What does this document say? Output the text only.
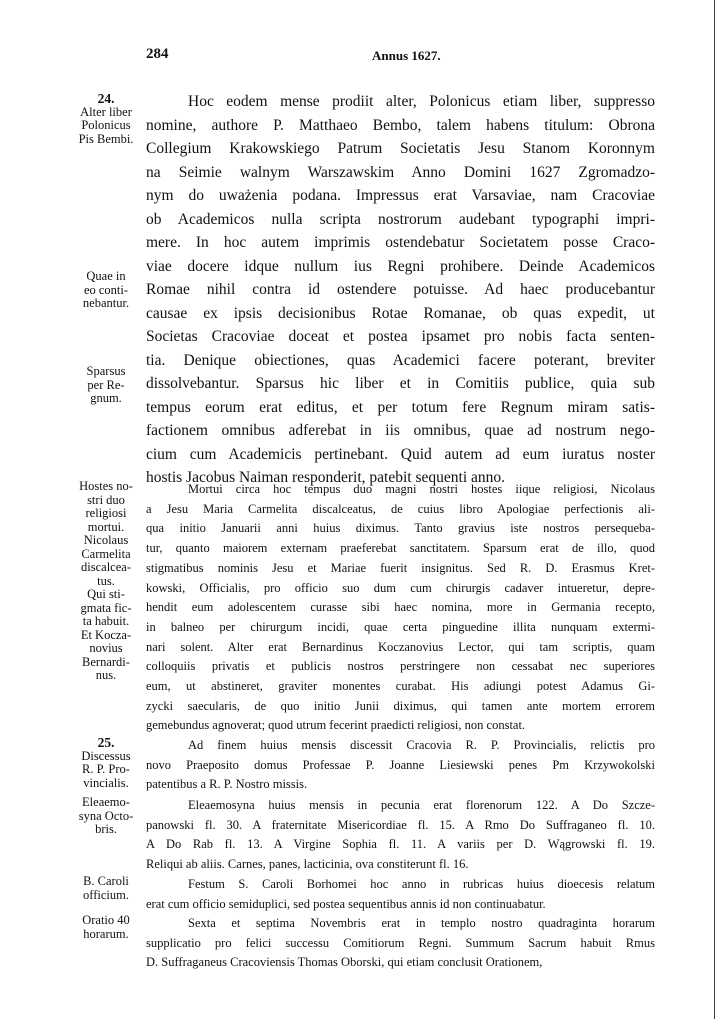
284	Annus 1627.
24.
Alter liber
Polonicus
Pis Bembi.
Hoc eodem mense prodiit alter, Polonicus etiam liber, suppresso
nomine, authore P. Matthaeo Bembo, talem habens titulum: Obrona
Collegium Krakowskiego Patrum Societatis Jesu Stanom Koronnym
na Seimie walnym Warszawskim Anno Domini 1627 Zgromadzo-
nym do uważenia podana. Impressus erat Varsaviae, nam Cracoviae
ob Academicos nulla scripta nostrorum audebant typographi impri-
mere. In hoc autem imprimis ostendebatur Societatem posse Craco-
viae docere idque nullum ius Regni prohibere. Deinde Academicos
Romae nihil contra id ostendere potuisse. Ad haec producebantur
causae ex ipsis decisionibus Rotae Romanae, ob quas expedit, ut
Societas Cracoviae doceat et postea ipsamet pro nobis facta senten-
tia. Denique obiectiones, quas Academici facere poterant, breviter
dissolvebantur. Sparsus hic liber et in Comitiis publice, quia sub
tempus eorum erat editus, et per totum fere Regnum miram satis-
factionem omnibus adferebat in iis omnibus, quae ad nostrum nego-
cium cum Academicis pertinebant. Quid autem ad eum iuratus noster
hostis Jacobus Naiman responderit, patebit sequenti anno.
Quae in
eo conti-
nebantur.
Sparsus
per Re-
gnum.
Hostes no-
stri duo
religiosi
mortui.
Nicolaus
Carmelita
discalcea-
tus.
Qui sti-
gmata fic-
ta habuit.
Et Kocza-
novius
Bernardi-
nus.
Mortui circa hoc tempus duo magni nostri hostes iique religiosi, Nicolaus
a Jesu Maria Carmelita discalceatus, de cuius libro Apologiae perfectionis ali-
qua initio Januarii anni huius diximus. Tanto gravius iste nostros persequeba-
tur, quanto maiorem externam praeferebat sanctitatem. Sparsum erat de illo, quod
stigmatibus nominis Jesu et Mariae fuerit insignitus. Sed R. D. Erasmus Kret-
kowski, Officialis, pro officio suo dum cum chirurgis cadaver intueretur, depre-
hendit eum adolescentem curasse sibi haec nomina, more in Germania recepto,
in balneo per chirurgum incidi, quae certa pinguedine illita nunquam extermi-
nari solent. Alter erat Bernardinus Koczanovius Lector, qui tam scriptis, quam
colloquiis privatis et publicis nostros perstringere non cessabat nec superiores
eum, ut abstineret, graviter monentes curabat. His adiungi potest Adamus Gi-
zycki saecularis, de quo initio Junii diximus, qui tamen ante mortem errorem
gemebundus agnoverat; quod utrum fecerint praedicti religiosi, non constat.
25.
Discessus
R. P. Pro-
vincialis.
Ad finem huius mensis discessit Cracovia R. P. Provincialis, relictis pro
novo Praeposito domus Professae P. Joanne Liesiewski penes Pm Krzywokolski
patentibus a R. P. Nostro missis.
Eleaemo-
syna Octo-
bris.
Eleaemosyna huius mensis in pecunia erat florenorum 122. A Do Szcze-
panowski fl. 30. A fraternitate Misericordiae fl. 15. A Rmo Do Suffraganeo fl. 10.
A Do Rab fl. 13. A Virgine Sophia fl. 11. A variis per D. Wągrowski fl. 19.
Reliqui ab aliis. Carnes, panes, lacticinia, ova constiterunt fl. 16.
B. Caroli
officium.
Festum S. Caroli Borhomei hoc anno in rubricas huius dioecesis relatum
erat cum officio semiduplici, sed postea sequentibus annis id non continuabatur.
Oratio 40
horarum.
Sexta et septima Novembris erat in templo nostro quadraginta horarum
supplicatio pro felici successu Comitiorum Regni. Summum Sacrum habuit Rmus
D. Suffraganeus Cracoviensis Thomas Oborski, qui etiam conclusit Orationem,
